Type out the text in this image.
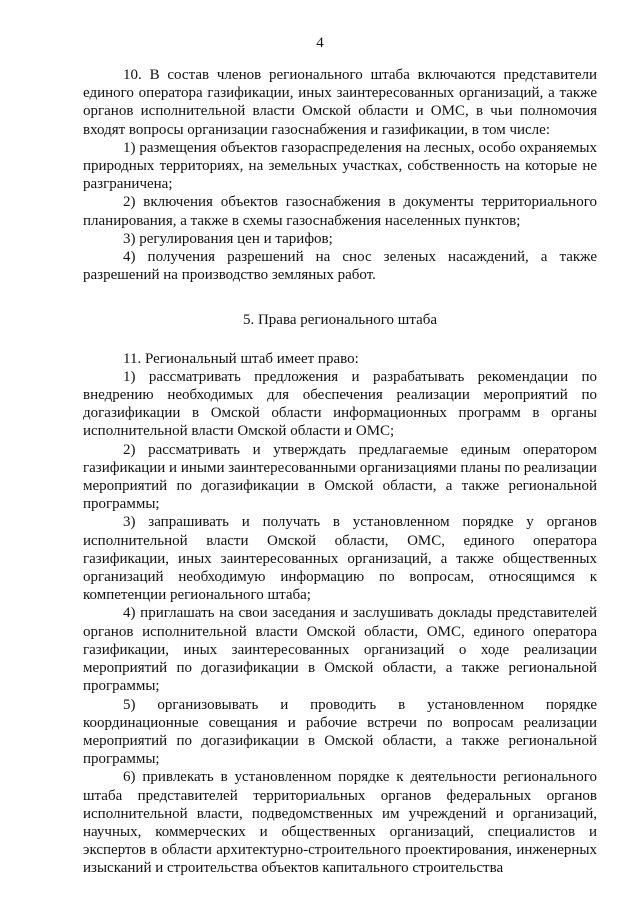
4

10. В состав членов регионального штаба включаются представители единого оператора газификации, иных заинтересованных организаций, а также органов исполнительной власти Омской области и ОМС, в чьи полномочия входят вопросы организации газоснабжения и газификации, в том числе:

1) размещения объектов газораспределения на лесных, особо охраняемых природных территориях, на земельных участках, собственность на которые не разграничена;

2) включения объектов газоснабжения в документы территориального планирования, а также в схемы газоснабжения населенных пунктов;

3) регулирования цен и тарифов;

4) получения разрешений на снос зеленых насаждений, а также разрешений на производство земляных работ.

5. Права регионального штаба

11. Региональный штаб имеет право:

1) рассматривать предложения и разрабатывать рекомендации по внедрению необходимых для обеспечения реализации мероприятий по догазификации в Омской области информационных программ в органы исполнительной власти Омской области и ОМС;

2) рассматривать и утверждать предлагаемые единым оператором газификации и иными заинтересованными организациями планы по реализации мероприятий по догазификации в Омской области, а также региональной программы;

3) запрашивать и получать в установленном порядке у органов исполнительной власти Омской области, ОМС, единого оператора газификации, иных заинтересованных организаций, а также общественных организаций необходимую информацию по вопросам, относящимся к компетенции регионального штаба;

4) приглашать на свои заседания и заслушивать доклады представителей органов исполнительной власти Омской области, ОМС, единого оператора газификации, иных заинтересованных организаций о ходе реализации мероприятий по догазификации в Омской области, а также региональной программы;

5) организовывать и проводить в установленном порядке координационные совещания и рабочие встречи по вопросам реализации мероприятий по догазификации в Омской области, а также региональной программы;

6) привлекать в установленном порядке к деятельности регионального штаба представителей территориальных органов федеральных органов исполнительной власти, подведомственных им учреждений и организаций, научных, коммерческих и общественных организаций, специалистов и экспертов в области архитектурно-строительного проектирования, инженерных изысканий и строительства объектов капитального строительства
